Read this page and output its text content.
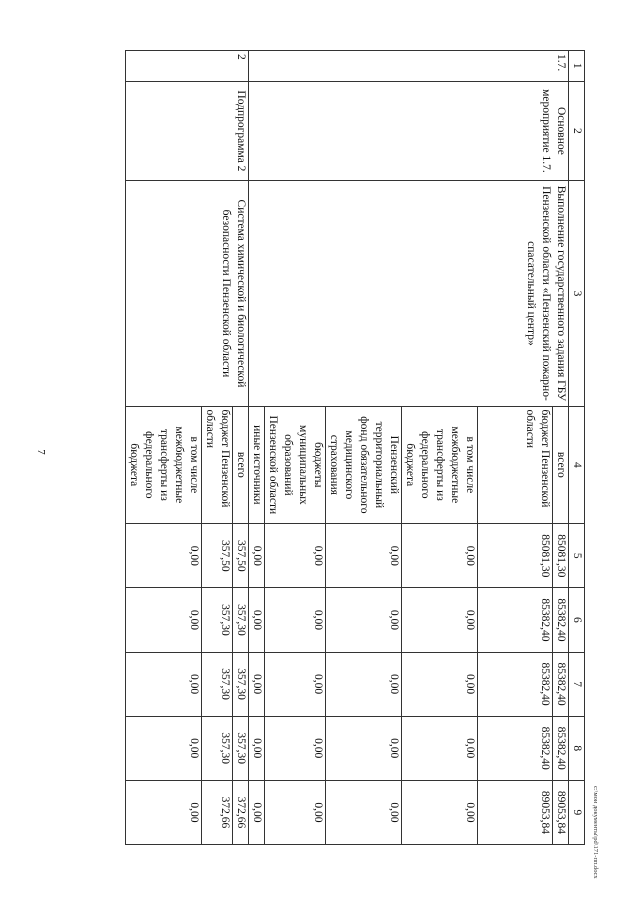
7
c:\мои документы\pd\171-пп.docx
1	2	3	4	5	6	7	8	9
1.7.	Основное мероприятие 1.7.	Выполнение государственного задания ГБУ Пензенской области «Пензенский пожарно-спасательный центр»	всего	85081,30	85382,40	85382,40	85382,40	89053,84
			бюджет Пензенской области	85081,30	85382,40	85382,40	85382,40	89053,84
			в том числе межбюджетные трансферты из федерального бюджета	0,00	0,00	0,00	0,00	0,00
			Пензенский территориальный фонд обязательного медицинского страхования	0,00	0,00	0,00	0,00	0,00
			бюджеты муниципальных образований Пензенской области	0,00	0,00	0,00	0,00	0,00
			иные источники	0,00	0,00	0,00	0,00	0,00
2	Подпрограмма 2	Система химической и биологической безопасности Пензенской области	всего	357,50	357,30	357,30	357,30	372,66
			бюджет Пензенской области	357,50	357,30	357,30	357,30	372,66
			в том числе межбюджетные трансферты из федерального бюджета	0,00	0,00	0,00	0,00	0,00
